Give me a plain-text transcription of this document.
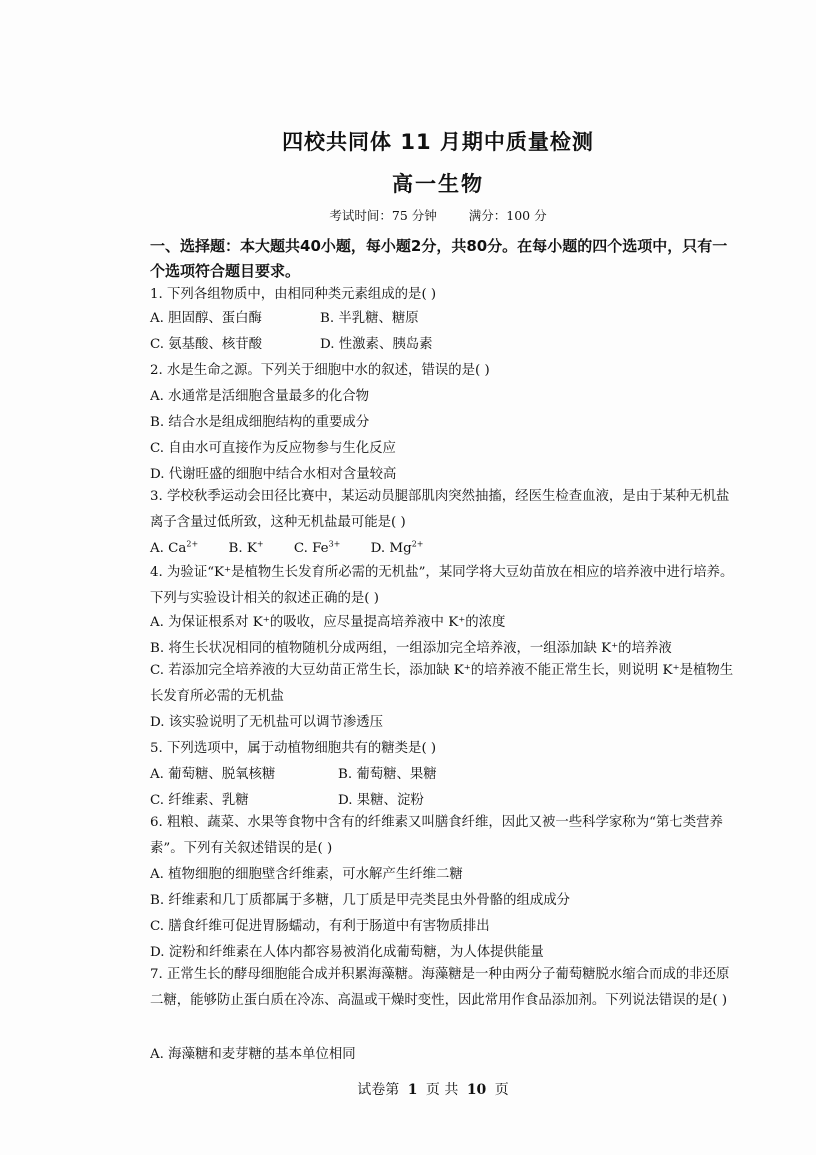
四校共同体 11 月期中质量检测
高一生物
考试时间：75 分钟	满分：100 分
一、选择题：本大题共40小题，每小题2分，共80分。在每小题的四个选项中，只有一个选项符合题目要求。
1. 下列各组物质中，由相同种类元素组成的是( )
A. 胆固醇、蛋白酶	B. 半乳糖、糖原
C. 氨基酸、核苷酸	D. 性激素、胰岛素
2. 水是生命之源。下列关于细胞中水的叙述，错误的是( )
A. 水通常是活细胞含量最多的化合物
B. 结合水是组成细胞结构的重要成分
C. 自由水可直接作为反应物参与生化反应
D. 代谢旺盛的细胞中结合水相对含量较高
3. 学校秋季运动会田径比赛中，某运动员腿部肌肉突然抽搐，经医生检查血液，是由于某种无机盐离子含量过低所致，这种无机盐最可能是( )
A. $Ca^{2+}$ B. K+ C. $Fe^{3+}$ D. $Mg^{2+}$
4. 为验证“K⁺是植物生长发育所必需的无机盐”，某同学将大豆幼苗放在相应的培养液中进行培养。下列与实验设计相关的叙述正确的是( )
A. 为保证根系对 K⁺的吸收，应尽量提高培养液中 K⁺的浓度
B. 将生长状况相同的植物随机分成两组，一组添加完全培养液，一组添加缺 K⁺的培养液
C. 若添加完全培养液的大豆幼苗正常生长，添加缺 K⁺的培养液不能正常生长，则说明 K⁺是植物生长发育所必需的无机盐
D. 该实验说明了无机盐可以调节渗透压
5. 下列选项中，属于动植物细胞共有的糖类是( )
A. 葡萄糖、脱氧核糖	B. 葡萄糖、果糖
C. 纤维素、乳糖	D. 果糖、淀粉
6. 粗粮、蔬菜、水果等食物中含有的纤维素又叫膳食纤维，因此又被一些科学家称为“第七类营养素”。下列有关叙述错误的是( )
A. 植物细胞的细胞壁含纤维素，可水解产生纤维二糖
B. 纤维素和几丁质都属于多糖，几丁质是甲壳类昆虫外骨骼的组成成分
C. 膳食纤维可促进胃肠蠕动，有利于肠道中有害物质排出
D. 淀粉和纤维素在人体内都容易被消化成葡萄糖，为人体提供能量
7. 正常生长的酵母细胞能合成并积累海藻糖。海藻糖是一种由两分子葡萄糖脱水缩合而成的非还原二糖，能够防止蛋白质在冷冻、高温或干燥时变性，因此常用作食品添加剂。下列说法错误的是( )
A. 海藻糖和麦芽糖的基本单位相同
试卷第 1 页 共 10 页
